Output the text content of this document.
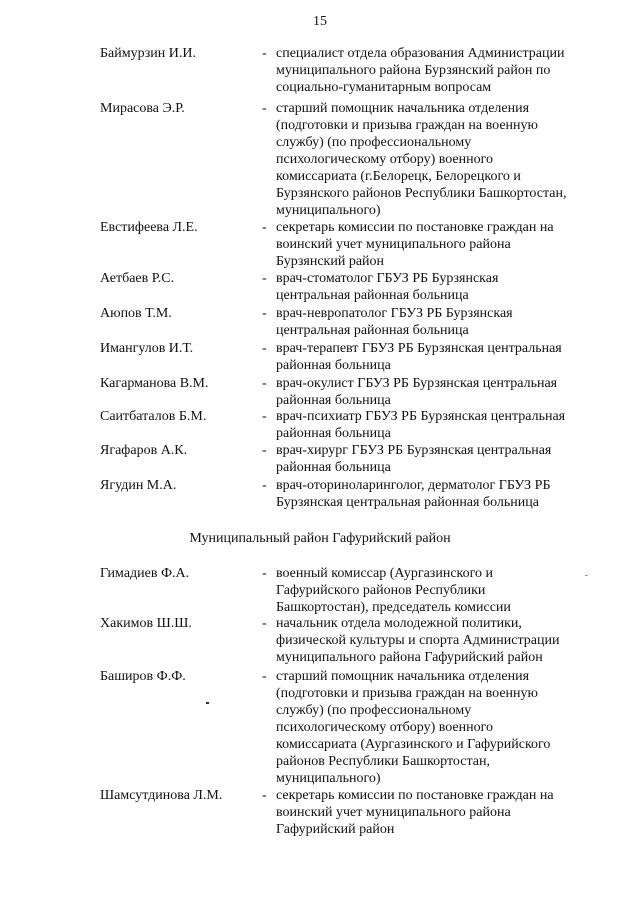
15
Баймурзин И.И.	- специалист отдела образования Администрации
муниципального района Бурзянский район по
социально-гуманитарным вопросам
Мирасова Э.Р.	- старший помощник начальника отделения
(подготовки и призыва граждан на военную
службу) (по профессиональному
психологическому отбору) военного
комиссариата (г.Белорецк, Белорецкого и
Бурзянского районов Республики Башкортостан,
муниципального)
Евстифеева Л.Е.	- секретарь комиссии по постановке граждан на
воинский учет муниципального района
Бурзянский район
Аетбаев Р.С.	- врач-стоматолог ГБУЗ РБ Бурзянская
центральная районная больница
Аюпов Т.М.	- врач-невропатолог ГБУЗ РБ Бурзянская
центральная районная больница
Имангулов И.Т.	- врач-терапевт ГБУЗ РБ Бурзянская центральная
районная больница
Кагарманова В.М.	- врач-окулист ГБУЗ РБ Бурзянская центральная
районная больница
Саитбаталов Б.М.	- врач-психиатр ГБУЗ РБ Бурзянская центральная
районная больница
Ягафаров А.К.	- врач-хирург ГБУЗ РБ Бурзянская центральная
районная больница
Ягудин М.А.	- врач-оториноларинголог, дерматолог ГБУЗ РБ
Бурзянская центральная районная больница
Муниципальный район Гафурийский район
Гимадиев Ф.А.	- военный комиссар (Аургазинского и
Гафурийского районов Республики
Башкортостан), председатель комиссии
Хакимов Ш.Ш.	- начальник отдела молодежной политики,
физической культуры и спорта Администрации
муниципального района Гафурийский район
Баширов Ф.Ф.	- старший помощник начальника отделения
(подготовки и призыва граждан на военную
службу) (по профессиональному
психологическому отбору) военного
комиссариата (Аургазинского и Гафурийского
районов Республики Башкортостан,
муниципального)
Шамсутдинова Л.М.	- секретарь комиссии по постановке граждан на
воинский учет муниципального района
Гафурийский район
